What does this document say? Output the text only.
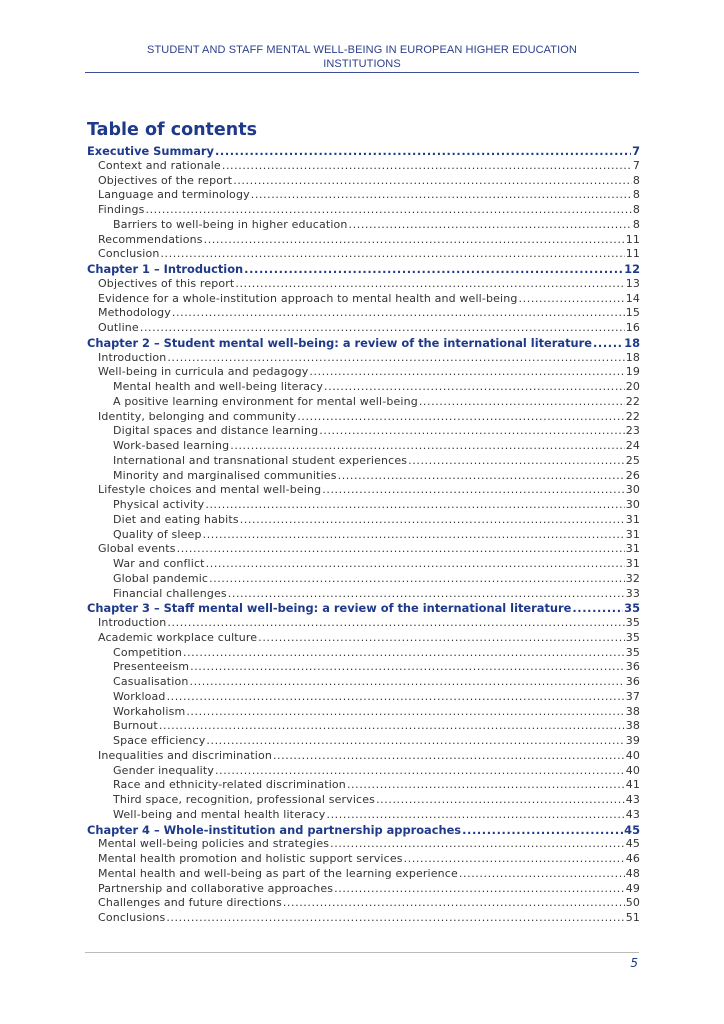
STUDENT AND STAFF MENTAL WELL-BEING IN EUROPEAN HIGHER EDUCATION
INSTITUTIONS
Table of contents
Executive Summary .....	7
Context and rationale .....	7
Objectives of the report .....	8
Language and terminology .....	8
Findings .....	8
Barriers to well-being in higher education .....	8
Recommendations .....	11
Conclusion .....	11
Chapter 1 – Introduction .....	12
Objectives of this report .....	13
Evidence for a whole-institution approach to mental health and well-being .....	14
Methodology .....	15
Outline .....	16
Chapter 2 – Student mental well-being: a review of the international literature .....	18
Introduction .....	18
Well-being in curricula and pedagogy .....	19
Mental health and well-being literacy .....	20
A positive learning environment for mental well-being .....	22
Identity, belonging and community .....	22
Digital spaces and distance learning .....	23
Work-based learning .....	24
International and transnational student experiences .....	25
Minority and marginalised communities .....	26
Lifestyle choices and mental well-being .....	30
Physical activity .....	30
Diet and eating habits .....	31
Quality of sleep .....	31
Global events .....	31
War and conflict .....	31
Global pandemic .....	32
Financial challenges .....	33
Chapter 3 – Staff mental well-being: a review of the international literature .....	35
Introduction .....	35
Academic workplace culture .....	35
Competition .....	35
Presenteeism .....	36
Casualisation .....	36
Workload .....	37
Workaholism .....	38
Burnout .....	38
Space efficiency .....	39
Inequalities and discrimination .....	40
Gender inequality .....	40
Race and ethnicity-related discrimination .....	41
Third space, recognition, professional services .....	43
Well-being and mental health literacy .....	43
Chapter 4 – Whole-institution and partnership approaches .....	45
Mental well-being policies and strategies .....	45
Mental health promotion and holistic support services .....	46
Mental health and well-being as part of the learning experience .....	48
Partnership and collaborative approaches .....	49
Challenges and future directions .....	50
Conclusions .....	51
5
